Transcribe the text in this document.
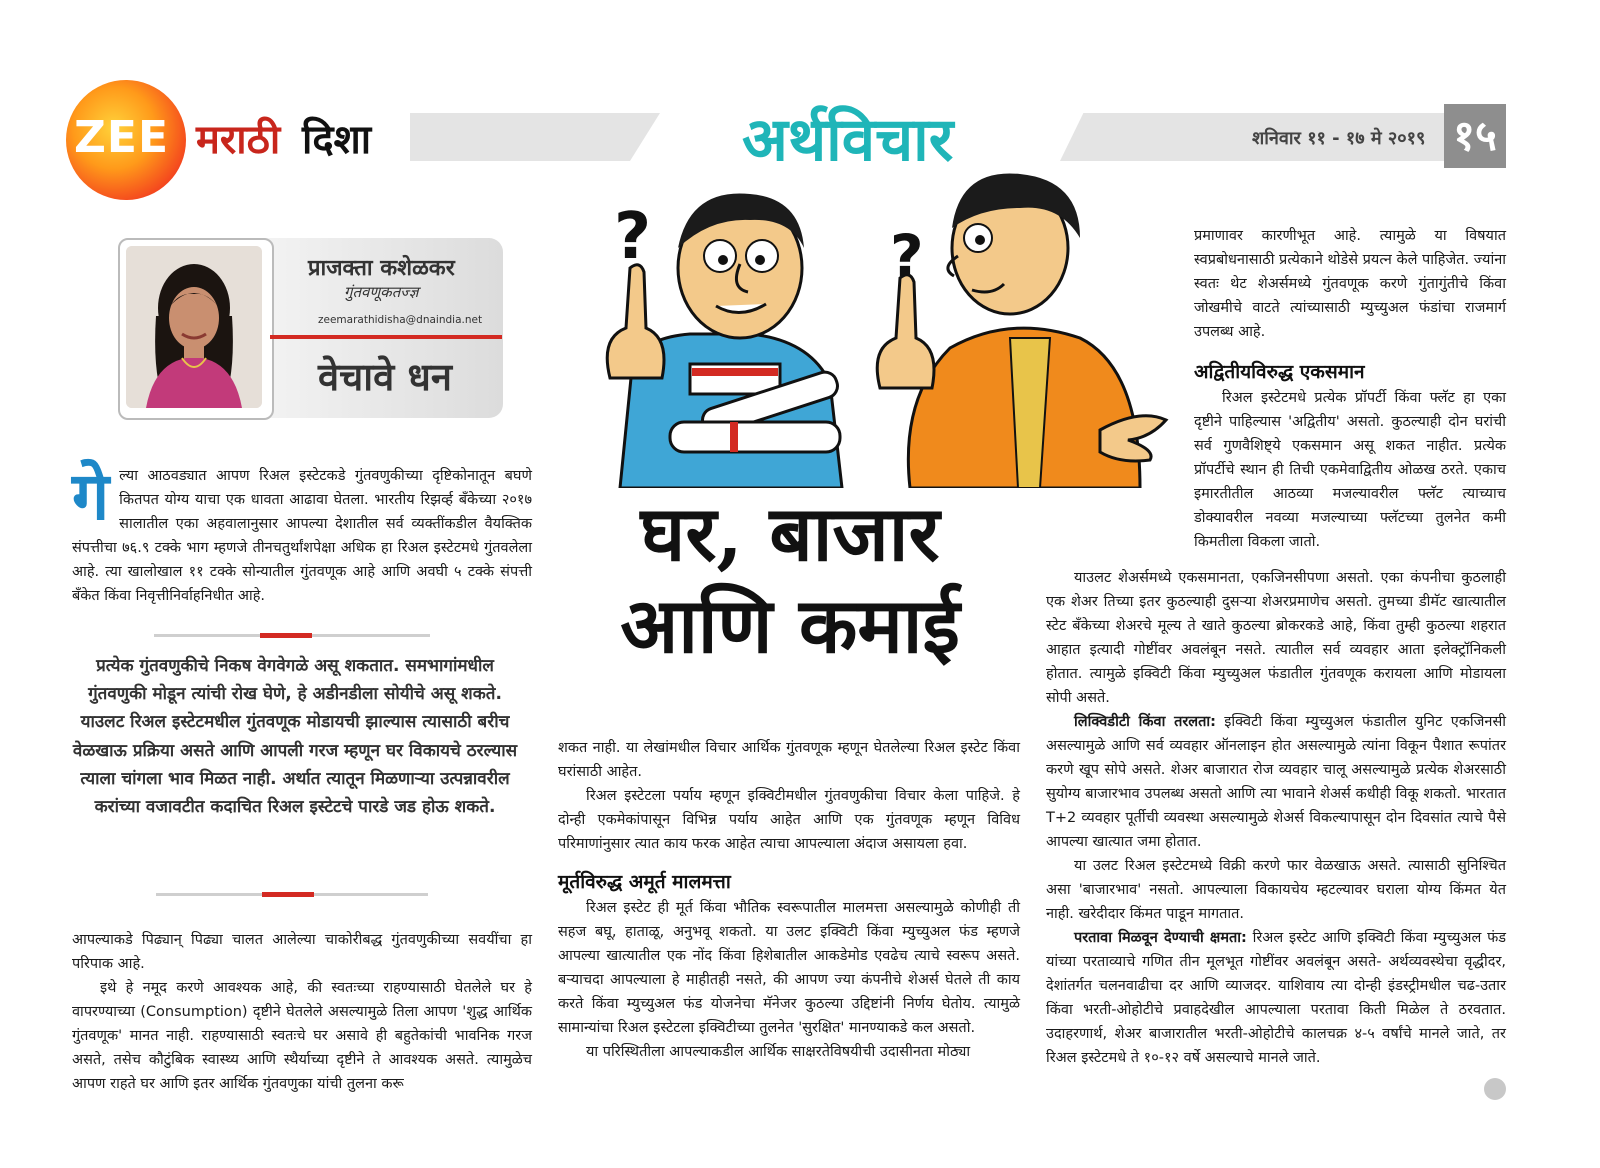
ZEE मराठी दिशा	अर्थविचार	शनिवार ११ - १७ मे २०१९ १५
प्राजक्ता कशेळकर
गुंतवणूकतज्ज्ञ
zeemarathidisha@dnaindia.net
वेचावे धन
?	?
घर, बाजार
आणि कमाई
गे ल्या आठवड्यात आपण रिअल इस्टेटकडे गुंतवणुकीच्या दृष्टिकोनातून बघणे कितपत योग्य याचा एक धावता आढावा घेतला. भारतीय रिझर्व्ह बँकेच्या २०१७ सालातील एका अहवालानुसार आपल्या देशातील सर्व व्यक्तींकडील वैयक्तिक संपत्तीचा ७६.९ टक्के भाग म्हणजे तीनचतुर्थांशपेक्षा अधिक हा रिअल इस्टेटमधे गुंतवलेला आहे. त्या खालोखाल ११ टक्के सोन्यातील गुंतवणूक आहे आणि अवघी ५ टक्के संपत्ती बँकेत किंवा निवृत्तीनिर्वाहनिधीत आहे.

प्रत्येक गुंतवणुकीचे निकष वेगवेगळे असू शकतात. समभागांमधील गुंतवणुकी मोडून त्यांची रोख घेणे, हे अडीनडीला सोयीचे असू शकते. याउलट रिअल इस्टेटमधील गुंतवणूक मोडायची झाल्यास त्यासाठी बरीच वेळखाऊ प्रक्रिया असते आणि आपली गरज म्हणून घर विकायचे ठरल्यास त्याला चांगला भाव मिळत नाही. अर्थात त्यातून मिळणाऱ्या उत्पन्नावरील करांच्या वजावटीत कदाचित रिअल इस्टेटचे पारडे जड होऊ शकते.

आपल्याकडे पिढ्यान् पिढ्या चालत आलेल्या चाकोरीबद्ध गुंतवणुकीच्या सवयींचा हा परिपाक आहे.

इथे हे नमूद करणे आवश्यक आहे, की स्वतःच्या राहण्यासाठी घेतलेले घर हे वापरण्याच्या (Consumption) दृष्टीने घेतलेले असल्यामुळे तिला आपण 'शुद्ध आर्थिक गुंतवणूक' मानत नाही. राहण्यासाठी स्वतःचे घर असावे ही बहुतेकांची भावनिक गरज असते, तसेच कौटुंबिक स्वास्थ्य आणि स्थैर्याच्या दृष्टीने ते आवश्यक असते. त्यामुळेच आपण राहते घर आणि इतर आर्थिक गुंतवणुका यांची तुलना करू

शकत नाही. या लेखांमधील विचार आर्थिक गुंतवणूक म्हणून घेतलेल्या रिअल इस्टेट किंवा घरांसाठी आहेत.

रिअल इस्टेटला पर्याय म्हणून इक्विटीमधील गुंतवणुकीचा विचार केला पाहिजे. हे दोन्ही एकमेकांपासून विभिन्न पर्याय आहेत आणि एक गुंतवणूक म्हणून विविध परिमाणांनुसार त्यात काय फरक आहेत त्याचा आपल्याला अंदाज असायला हवा.

मूर्तविरुद्ध अमूर्त मालमत्ता

रिअल इस्टेट ही मूर्त किंवा भौतिक स्वरूपातील मालमत्ता असल्यामुळे कोणीही ती सहज बघू, हाताळू, अनुभवू शकतो. या उलट इक्विटी किंवा म्युच्युअल फंड म्हणजे आपल्या खात्यातील एक नोंद किंवा हिशेबातील आकडेमोड एवढेच त्याचे स्वरूप असते. बऱ्याचदा आपल्याला हे माहीतही नसते, की आपण ज्या कंपनीचे शेअर्स घेतले ती काय करते किंवा म्युच्युअल फंड योजनेचा मॅनेजर कुठल्या उद्दिष्टांनी निर्णय घेतोय. त्यामुळे सामान्यांचा रिअल इस्टेटला इक्विटीच्या तुलनेत 'सुरक्षित' मानण्याकडे कल असतो.

या परिस्थितीला आपल्याकडील आर्थिक साक्षरतेविषयीची उदासीनता मोठ्या

प्रमाणावर कारणीभूत आहे. त्यामुळे या विषयात स्वप्रबोधनासाठी प्रत्येकाने थोडेसे प्रयत्न केले पाहिजेत. ज्यांना स्वतः थेट शेअर्समध्ये गुंतवणूक करणे गुंतागुंतीचे किंवा जोखमीचे वाटते त्यांच्यासाठी म्युच्युअल फंडांचा राजमार्ग उपलब्ध आहे.

अद्वितीयविरुद्ध एकसमान

रिअल इस्टेटमधे प्रत्येक प्रॉपर्टी किंवा फ्लॅट हा एका दृष्टीने पाहिल्यास 'अद्वितीय' असतो. कुठल्याही दोन घरांची सर्व गुणवैशिष्ट्ये एकसमान असू शकत नाहीत. प्रत्येक प्रॉपर्टीचे स्थान ही तिची एकमेवाद्वितीय ओळख ठरते. एकाच इमारतीतील आठव्या मजल्यावरील फ्लॅट त्याच्याच डोक्यावरील नवव्या मजल्याच्या फ्लॅटच्या तुलनेत कमी किमतीला विकला जातो.

याउलट शेअर्समध्ये एकसमानता, एकजिनसीपणा असतो. एका कंपनीचा कुठलाही एक शेअर तिच्या इतर कुठल्याही दुसऱ्या शेअरप्रमाणेच असतो. तुमच्या डीमॅट खात्यातील स्टेट बँकेच्या शेअरचे मूल्य ते खाते कुठल्या ब्रोकरकडे आहे, किंवा तुम्ही कुठल्या शहरात आहात इत्यादी गोष्टींवर अवलंबून नसते. त्यातील सर्व व्यवहार आता इलेक्ट्रॉनिकली होतात. त्यामुळे इक्विटी किंवा म्युच्युअल फंडातील गुंतवणूक करायला आणि मोडायला सोपी असते.

लिक्विडीटी किंवा तरलता: इक्विटी किंवा म्युच्युअल फंडातील युनिट एकजिनसी असल्यामुळे आणि सर्व व्यवहार ऑनलाइन होत असल्यामुळे त्यांना विकून पैशात रूपांतर करणे खूप सोपे असते. शेअर बाजारात रोज व्यवहार चालू असल्यामुळे प्रत्येक शेअरसाठी सुयोग्य बाजारभाव उपलब्ध असतो आणि त्या भावाने शेअर्स कधीही विकू शकतो. भारतात T+2 व्यवहार पूर्तीची व्यवस्था असल्यामुळे शेअर्स विकल्यापासून दोन दिवसांत त्याचे पैसे आपल्या खात्यात जमा होतात.

या उलट रिअल इस्टेटमध्ये विक्री करणे फार वेळखाऊ असते. त्यासाठी सुनिश्चित असा 'बाजारभाव' नसतो. आपल्याला विकायचेय म्हटल्यावर घराला योग्य किंमत येत नाही. खरेदीदार किंमत पाडून मागतात.

परतावा मिळवून देण्याची क्षमता: रिअल इस्टेट आणि इक्विटी किंवा म्युच्युअल फंड यांच्या परताव्याचे गणित तीन मूलभूत गोष्टींवर अवलंबून असते- अर्थव्यवस्थेचा वृद्धीदर, देशांतर्गत चलनवाढीचा दर आणि व्याजदर. याशिवाय त्या दोन्ही इंडस्ट्रीमधील चढ-उतार किंवा भरती-ओहोटीचे प्रवाहदेखील आपल्याला परतावा किती मिळेल ते ठरवतात. उदाहरणार्थ, शेअर बाजारातील भरती-ओहोटीचे कालचक्र ४-५ वर्षांचे मानले जाते, तर रिअल इस्टेटमधे ते १०-१२ वर्षे असल्याचे मानले जाते.
